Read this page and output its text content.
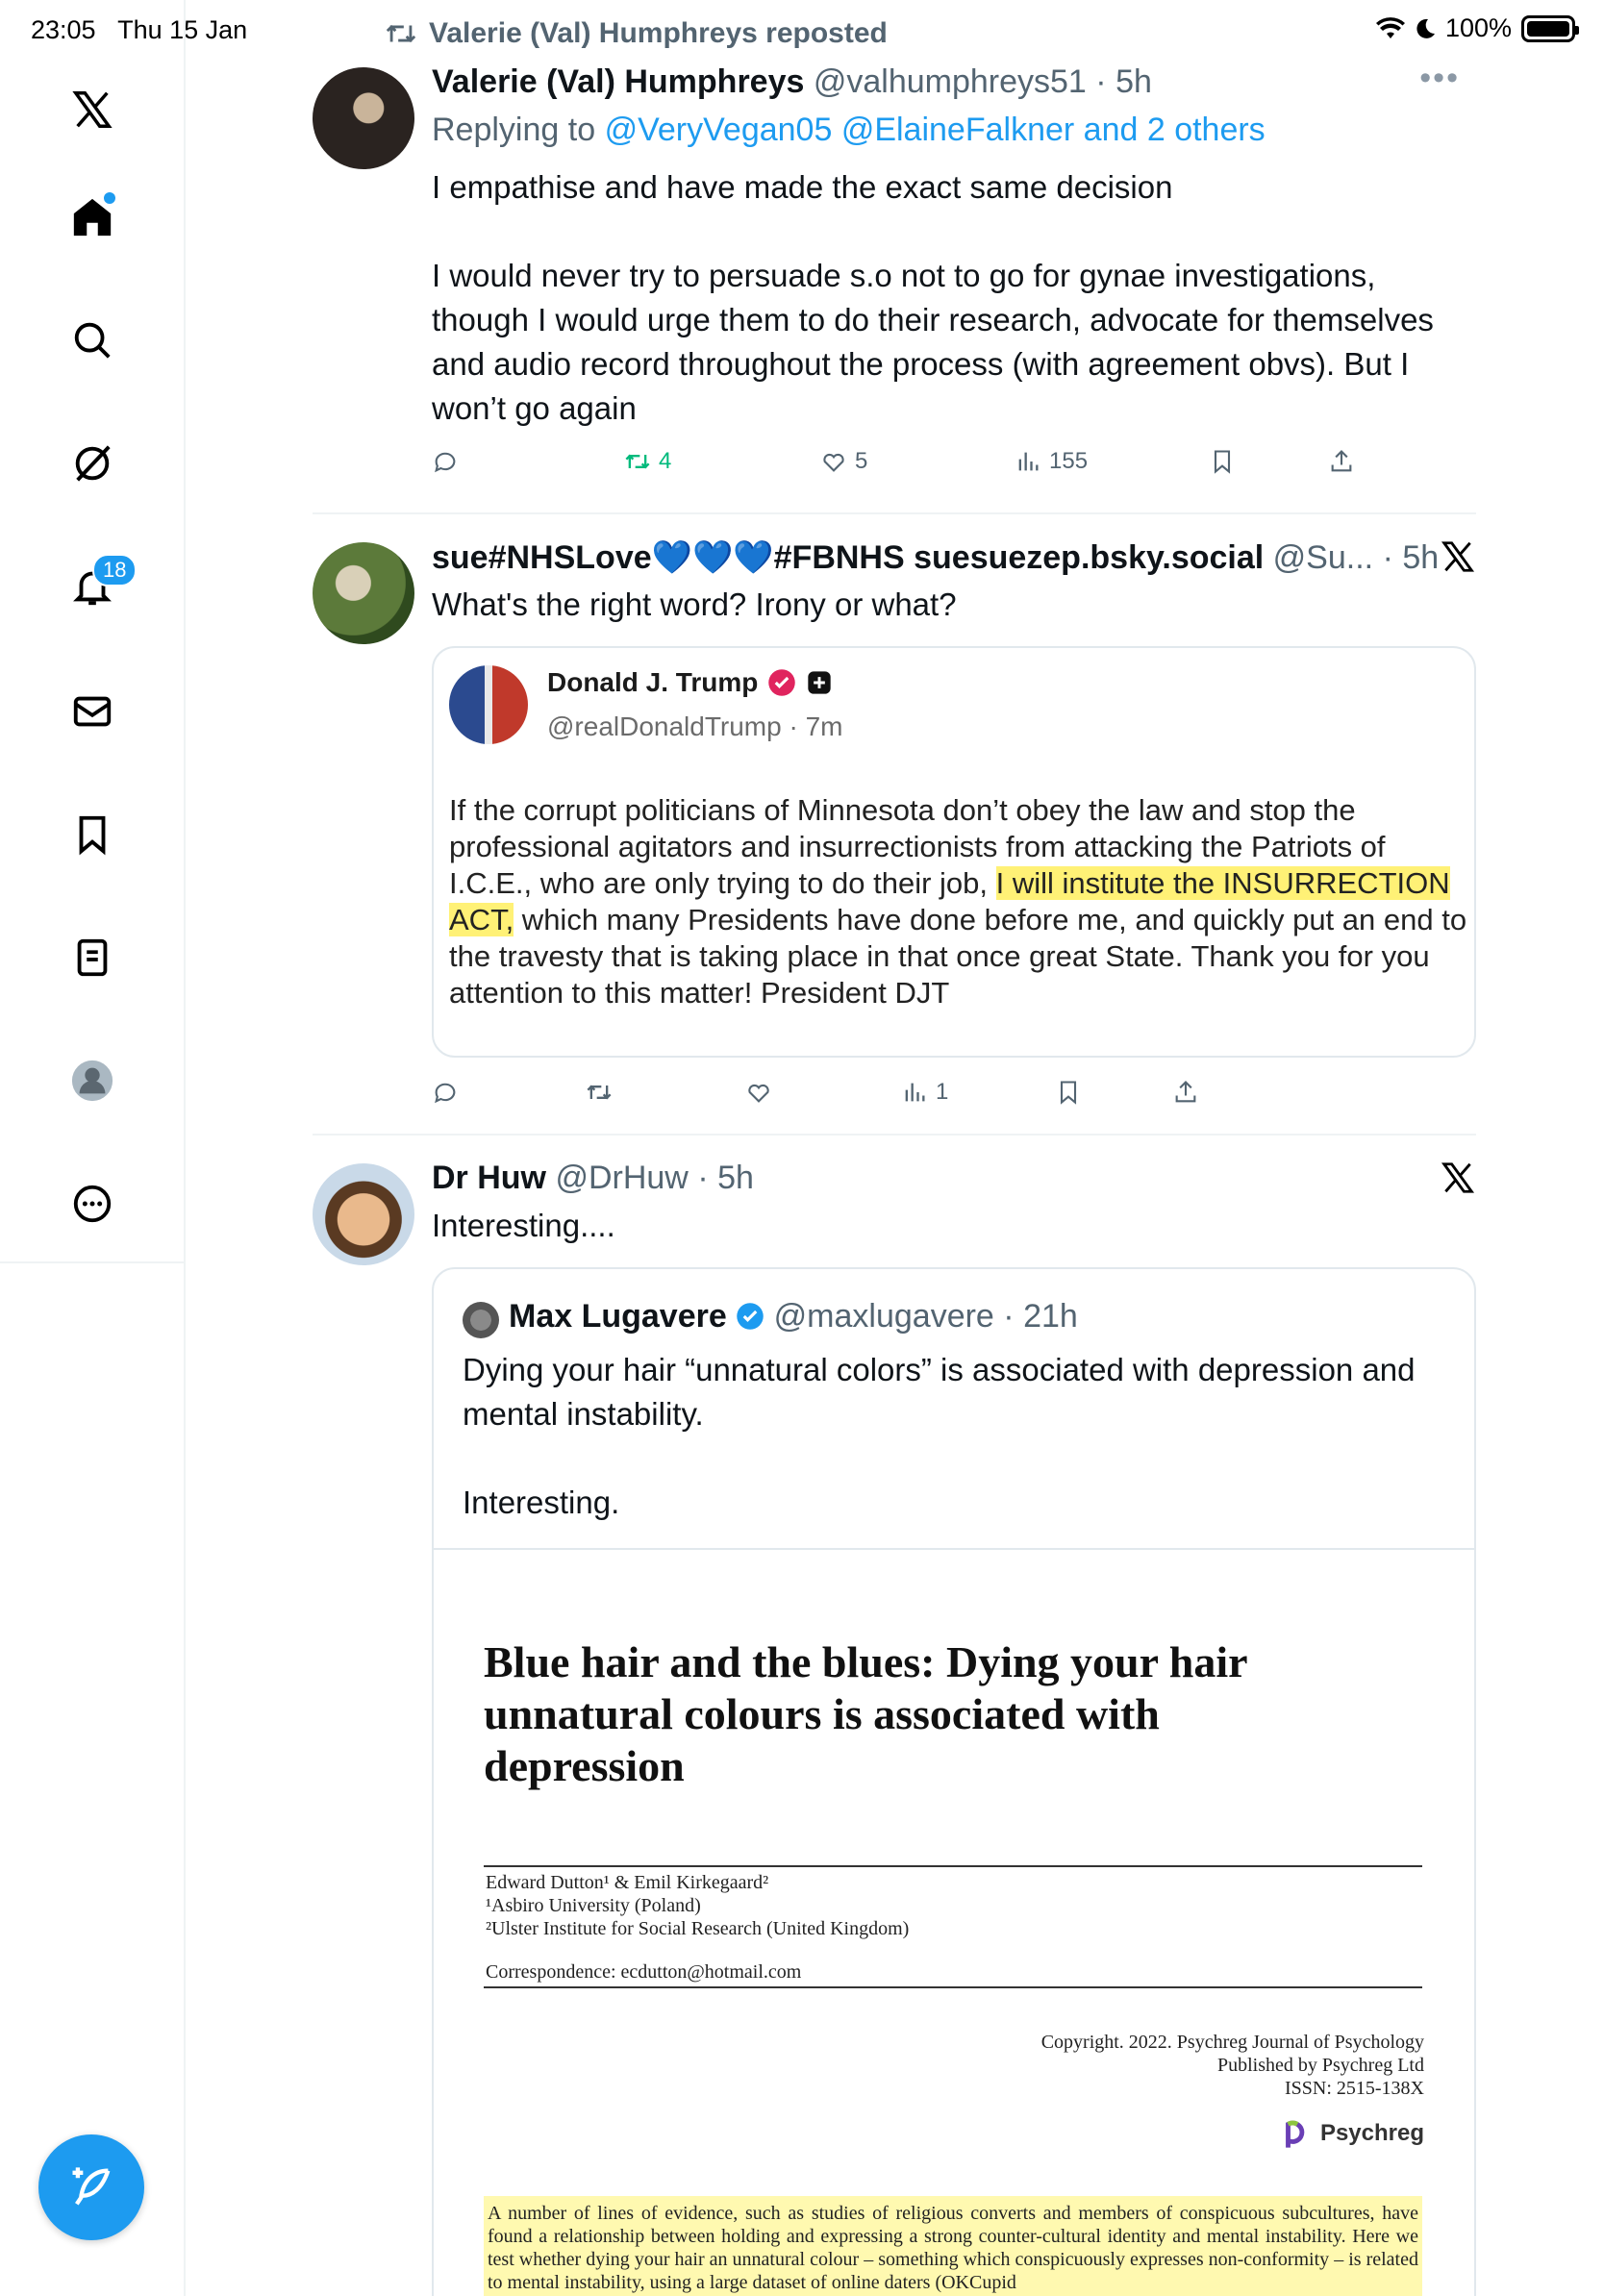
23:05 Thu 15 Jan	100%
18
Valerie (Val) Humphreys reposted
Valerie (Val) Humphreys @valhumphreys51 · 5h	•••
Replying to @VeryVegan05 @ElaineFalkner and 2 others
I empathise and have made the exact same decision

I would never try to persuade s.o not to go for gynae investigations, though I would urge them to do their research, advocate for themselves and audio record throughout the process (with agreement obvs). But I won’t go again
4	5	155
sue#NHSLove💙💙💙#FBNHS suesuezep.bsky.social @Su... · 5h
What's the right word? Irony or what?
Donald J. Trump
@realDonaldTrump · 7m
If the corrupt politicians of Minnesota don’t obey the law and stop the professional agitators and insurrectionists from attacking the Patriots of I.C.E., who are only trying to do their job, I will institute the INSURRECTION ACT, which many Presidents have done before me, and quickly put an end to the travesty that is taking place in that once great State. Thank you for you attention to this matter! President DJT
1
Dr Huw @DrHuw · 5h
Interesting....
Max Lugavere @maxlugavere · 21h
Dying your hair “unnatural colors” is associated with depression and mental instability.

Interesting.
Blue hair and the blues: Dying your hair unnatural colours is associated with depression
Edward Dutton¹ & Emil Kirkegaard²
¹Asbiro University (Poland)
²Ulster Institute for Social Research (United Kingdom)
Correspondence: ecdutton@hotmail.com
Copyright. 2022. Psychreg Journal of Psychology
Published by Psychreg Ltd
ISSN: 2515-138X
Psychreg
A number of lines of evidence, such as studies of religious converts and members of conspicuous subcultures, have found a relationship between holding and expressing a strong counter-cultural identity and mental instability. Here we test whether dying your hair an unnatural colour – something which conspicuously expresses non-conformity – is related to mental instability, using a large dataset of online daters (OKCupid
